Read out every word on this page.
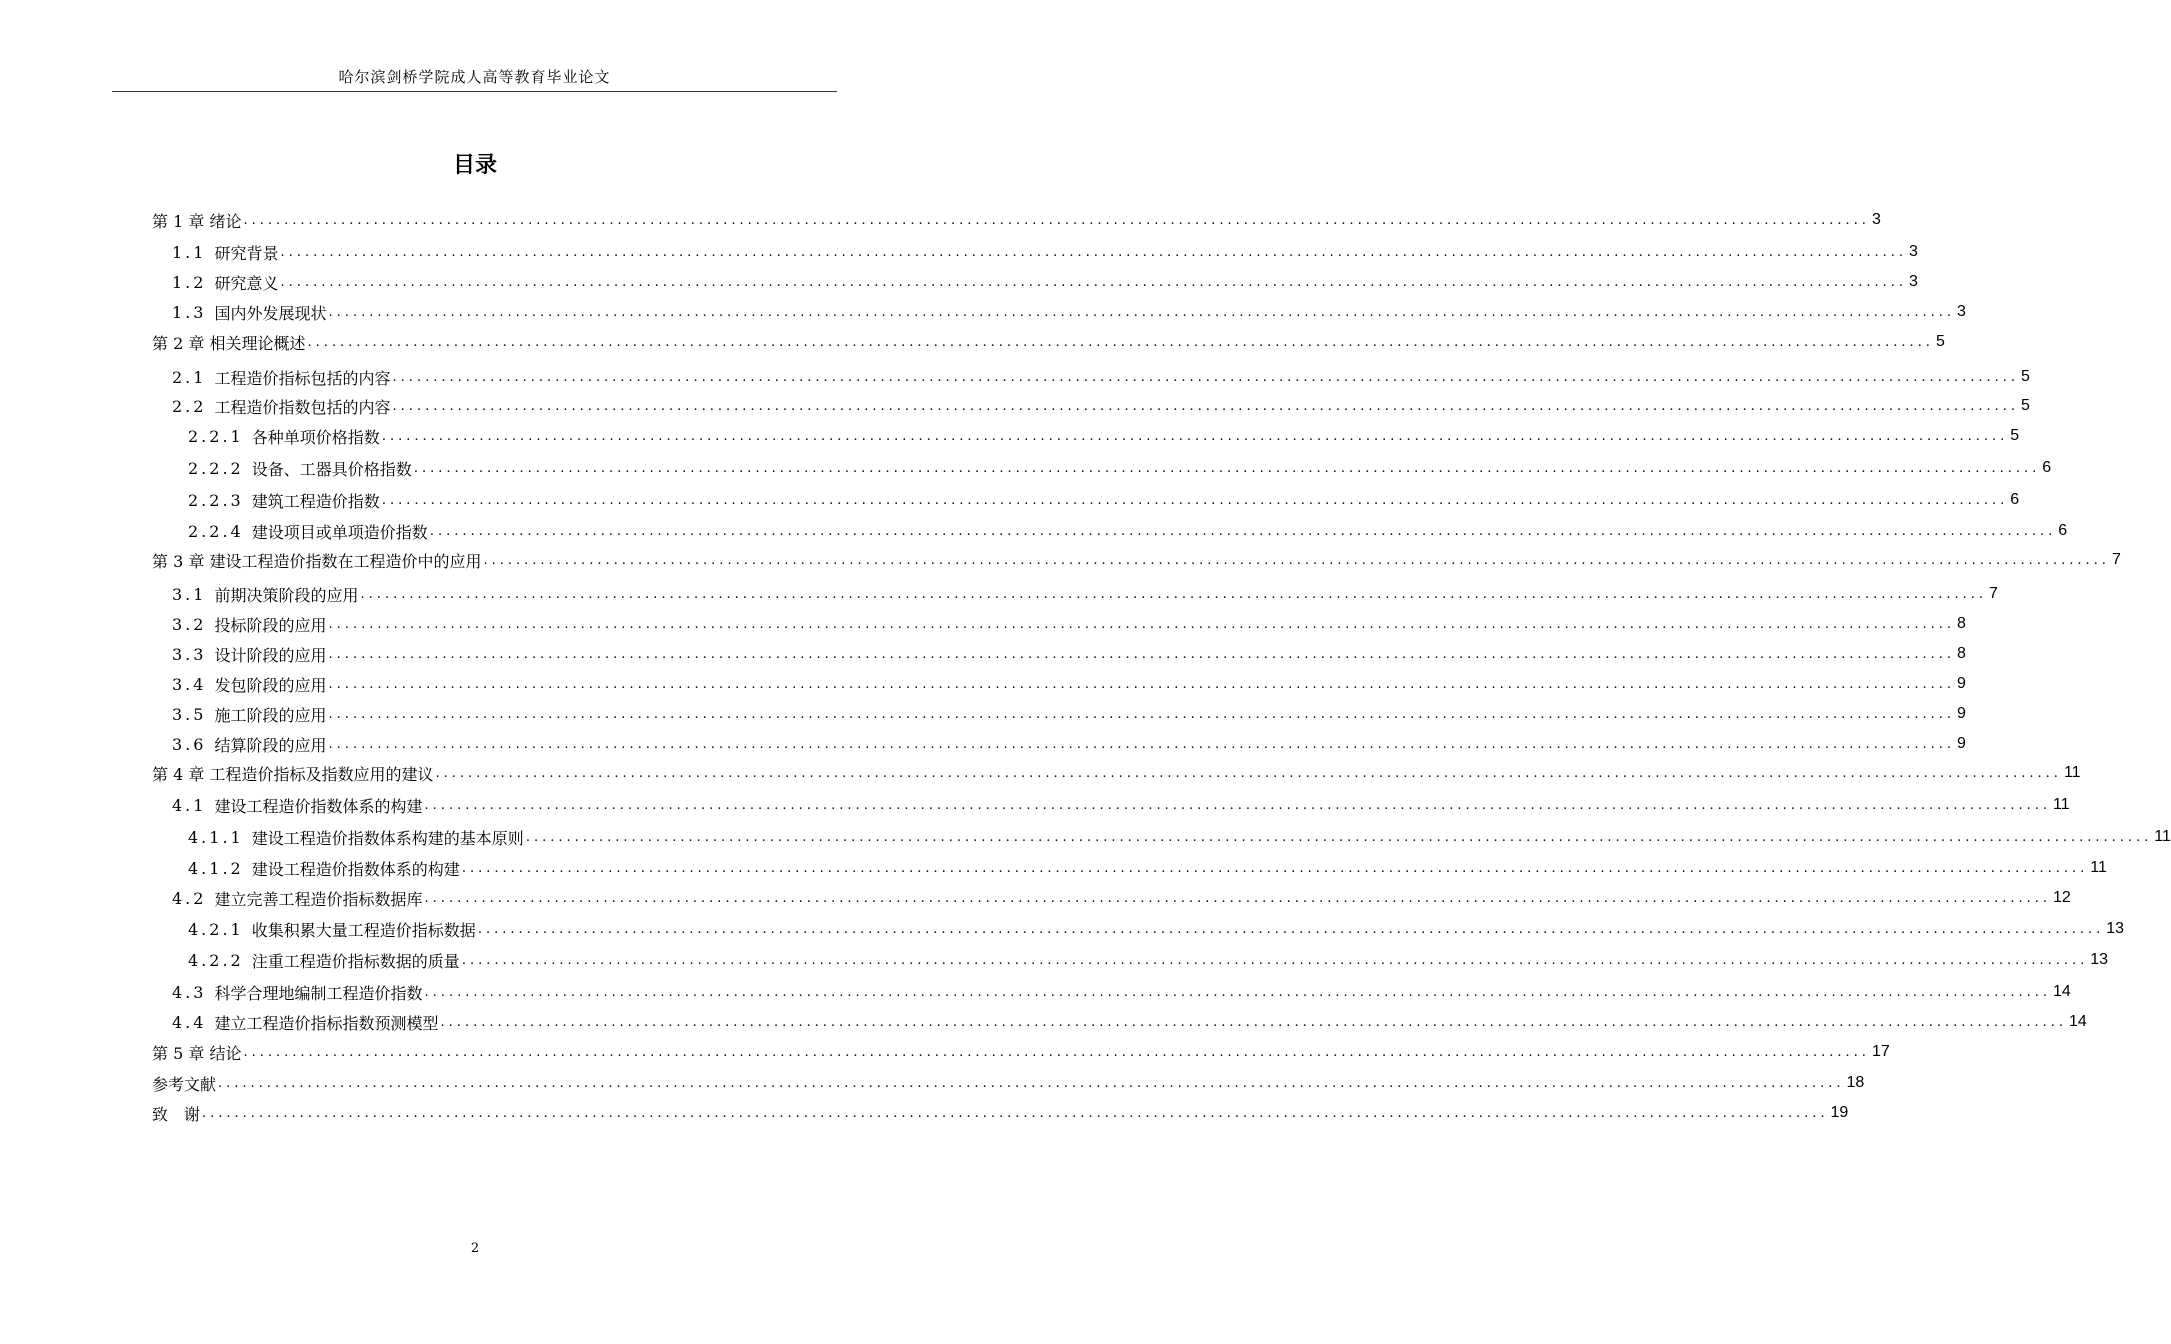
哈尔滨剑桥学院成人高等教育毕业论文
目录
第 1 章 绪论 ........................................................................................................................................................................................................ 3
1.1 研究背景 ........................................................................................................................................................................................................ 3
1.2 研究意义 ........................................................................................................................................................................................................ 3
1.3 国内外发展现状 ........................................................................................................................................................................................................ 3
第 2 章 相关理论概述 ........................................................................................................................................................................................................ 5
2.1 工程造价指标包括的内容 ........................................................................................................................................................................................................ 5
2.2 工程造价指数包括的内容 ........................................................................................................................................................................................................ 5
2.2.1 各种单项价格指数 ........................................................................................................................................................................................................ 5
2.2.2 设备、工器具价格指数 ........................................................................................................................................................................................................ 6
2.2.3 建筑工程造价指数 ........................................................................................................................................................................................................ 6
2.2.4 建设项目或单项造价指数 ........................................................................................................................................................................................................ 6
第 3 章 建设工程造价指数在工程造价中的应用 ........................................................................................................................................................................................................ 7
3.1 前期决策阶段的应用 ........................................................................................................................................................................................................ 7
3.2 投标阶段的应用 ........................................................................................................................................................................................................ 8
3.3 设计阶段的应用 ........................................................................................................................................................................................................ 8
3.4 发包阶段的应用 ........................................................................................................................................................................................................ 9
3.5 施工阶段的应用 ........................................................................................................................................................................................................ 9
3.6 结算阶段的应用 ........................................................................................................................................................................................................ 9
第 4 章 工程造价指标及指数应用的建议 ........................................................................................................................................................................................................ 11
4.1 建设工程造价指数体系的构建 ........................................................................................................................................................................................................ 11
4.1.1 建设工程造价指数体系构建的基本原则 ........................................................................................................................................................................................................ 11
4.1.2 建设工程造价指数体系的构建 ........................................................................................................................................................................................................ 11
4.2 建立完善工程造价指标数据库 ........................................................................................................................................................................................................ 12
4.2.1 收集积累大量工程造价指标数据 ........................................................................................................................................................................................................ 13
4.2.2 注重工程造价指标数据的质量 ........................................................................................................................................................................................................ 13
4.3 科学合理地编制工程造价指数 ........................................................................................................................................................................................................ 14
4.4 建立工程造价指标指数预测模型 ........................................................................................................................................................................................................ 14
第 5 章 结论 ........................................................................................................................................................................................................ 17
参考文献 ........................................................................................................................................................................................................ 18
致　谢 ........................................................................................................................................................................................................ 19
2
